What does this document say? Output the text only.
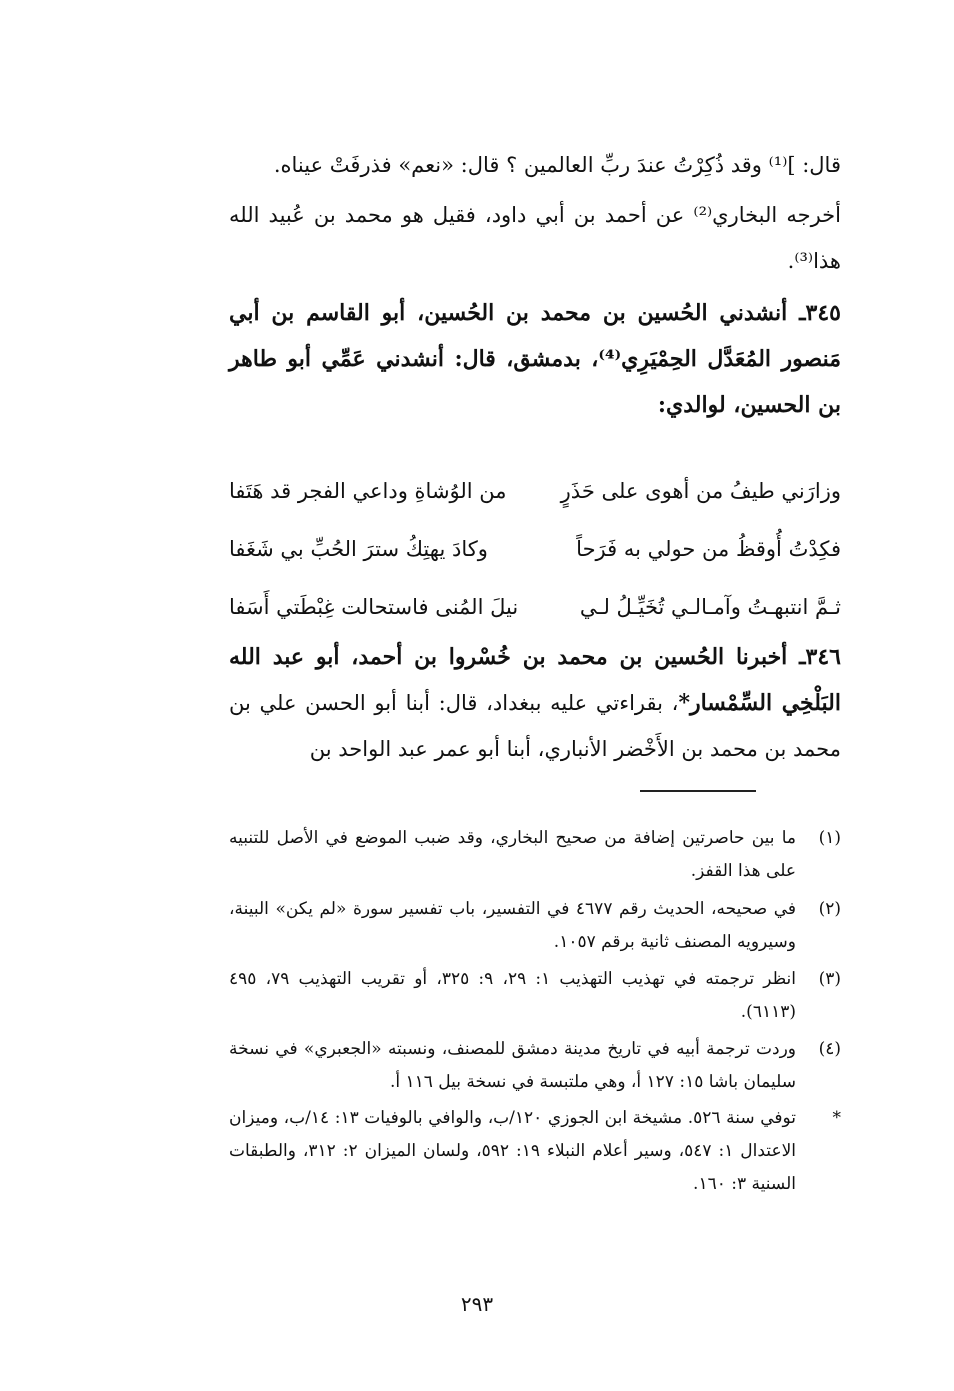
قال: ]⁽¹⁾ وقد ذُكِرْتُ عندَ ربِّ العالمين ؟ قال: «نعم» فذرفَتْ عيناه.

أخرجه البخاري⁽²⁾ عن أحمد بن أبي داود، فقيل هو محمد بن عُبيد الله هذا⁽³⁾.

٣٤٥ـ أنشدني الحُسين بن محمد بن الحُسين، أبو القاسم بن أبي مَنصور المُعَدَّل الحِمْيَرِي⁽⁴⁾، بدمشق، قال: أنشدني عَمِّي أبو طاهر بن الحسين، لوالدي:

وزارَني طيفُ من أهوى على حَذَرٍ
من الوُشاةِ وداعي الفجر قد هَتَفا
فكِدْتُ أُوقظُ من حولي به فَرَحاً
وكادَ يهتِكُ سترَ الحُبِّ بي شَغَفا
ثـمَّ انتبهـتُ وآمـالـي تُخَيِّـلُ لـي
نيلَ المُنى فاستحالت غِبْطَتي أَسَفا

٣٤٦ـ أخبرنا الحُسين بن محمد بن خُسْروا بن أحمد، أبو عبد الله البَلْخِي السِّمْسار*، بقراءتي عليه ببغداد، قال: أبنا أبو الحسن علي بن محمد بن محمد بن الأَخْضر الأنباري، أبنا أبو عمر عبد الواحد بن

(١)
ما بين حاصرتين إضافة من صحيح البخاري، وقد ضبب الموضع في الأصل للتنبيه على هذا القفز.
(٢)
في صحيحه، الحديث رقم ٤٦٧٧ في التفسير، باب تفسير سورة «لم يكن» البينة، وسيرويه المصنف ثانية برقم ١٠٥٧.
(٣)
انظر ترجمته في تهذيب التهذيب ١: ٢٩، ٩: ٣٢٥، أو تقريب التهذيب ٧٩، ٤٩٥ (٦١١٣).
(٤)
وردت ترجمة أبيه في تاريخ مدينة دمشق للمصنف، ونسبته «الجعبري» في نسخة سليمان باشا ١٥: ١٢٧ أ، وهي ملتبسة في نسخة بيل ١١٦ أ.
*
توفي سنة ٥٢٦. مشيخة ابن الجوزي ١٢٠/ب، والوافي بالوفيات ١٣: ١٤/ب، وميزان الاعتدال ١: ٥٤٧، وسير أعلام النبلاء ١٩: ٥٩٢، ولسان الميزان ٢: ٣١٢، والطبقات السنية ٣: ١٦٠.
٢٩٣
